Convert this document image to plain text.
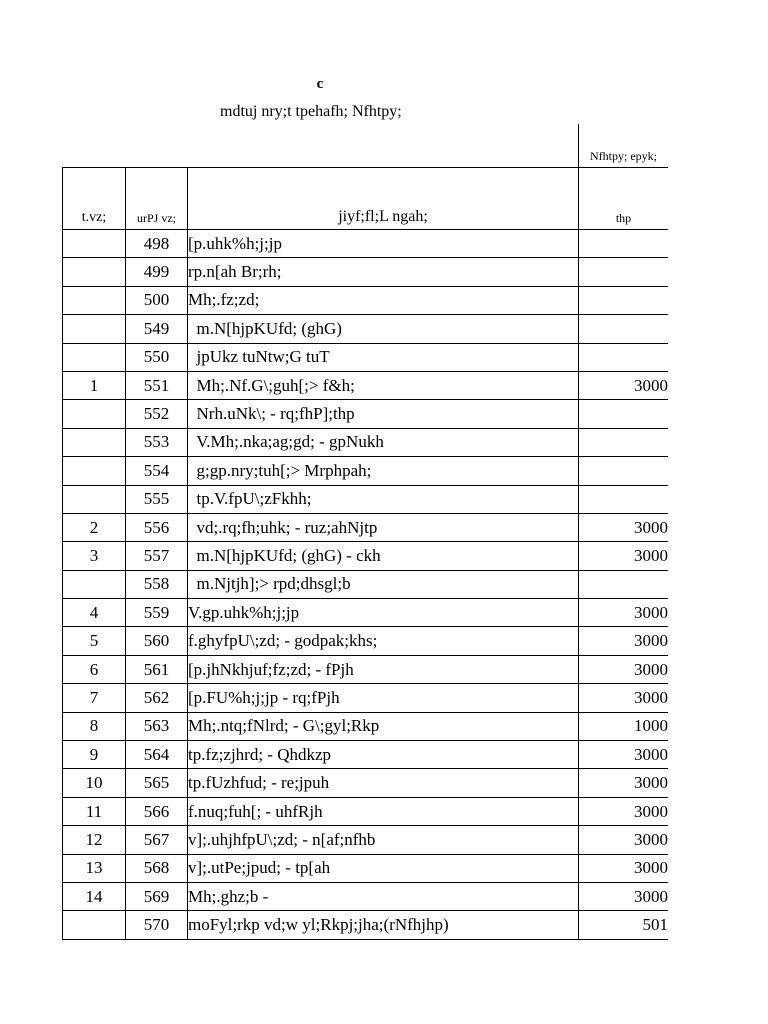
c
mdtuj nry;t tpehafh; Nfhtpy;
Nfhtpy; epyk;
t.vz;	urPJ vz;	jiyf;fl;L ngah;	thp
	498	[p.uhk%h;j;jp	
	499	rp.n[ah Br;rh;	
	500	Mh;.fz;zd;	
	549	m.N[hjpKUfd; (ghG)	
	550	jpUkz tuNtw;G tuT	
1	551	Mh;.Nf.G\;guh[;> f&h;	3000
	552	Nrh.uNk\; - rq;fhP];thp	
	553	V.Mh;.nka;ag;gd; - gpNukh	
	554	g;gp.nry;tuh[;> Mrphpah;	
	555	tp.V.fpU\;zFkhh;	
2	556	vd;.rq;fh;uhk; - ruz;ahNjtp	3000
3	557	m.N[hjpKUfd; (ghG) - ckh	3000
	558	m.Njtjh];> rpd;dhsgl;b	
4	559	V.gp.uhk%h;j;jp	3000
5	560	f.ghyfpU\;zd; - godpak;khs;	3000
6	561	[p.jhNkhjuf;fz;zd; - fPjh	3000
7	562	[p.FU%h;j;jp - rq;fPjh	3000
8	563	Mh;.ntq;fNlrd; - G\;gyl;Rkp	1000
9	564	tp.fz;zjhrd; - Qhdkzp	3000
10	565	tp.fUzhfud; - re;jpuh	3000
11	566	f.nuq;fuh[; - uhfRjh	3000
12	567	v];.uhjhfpU\;zd; - n[af;nfhb	3000
13	568	v];.utPe;jpud; - tp[ah	3000
14	569	Mh;.ghz;b -	3000
	570	moFyl;rkp vd;w yl;Rkpj;jha;(rNfhjhp)	501
